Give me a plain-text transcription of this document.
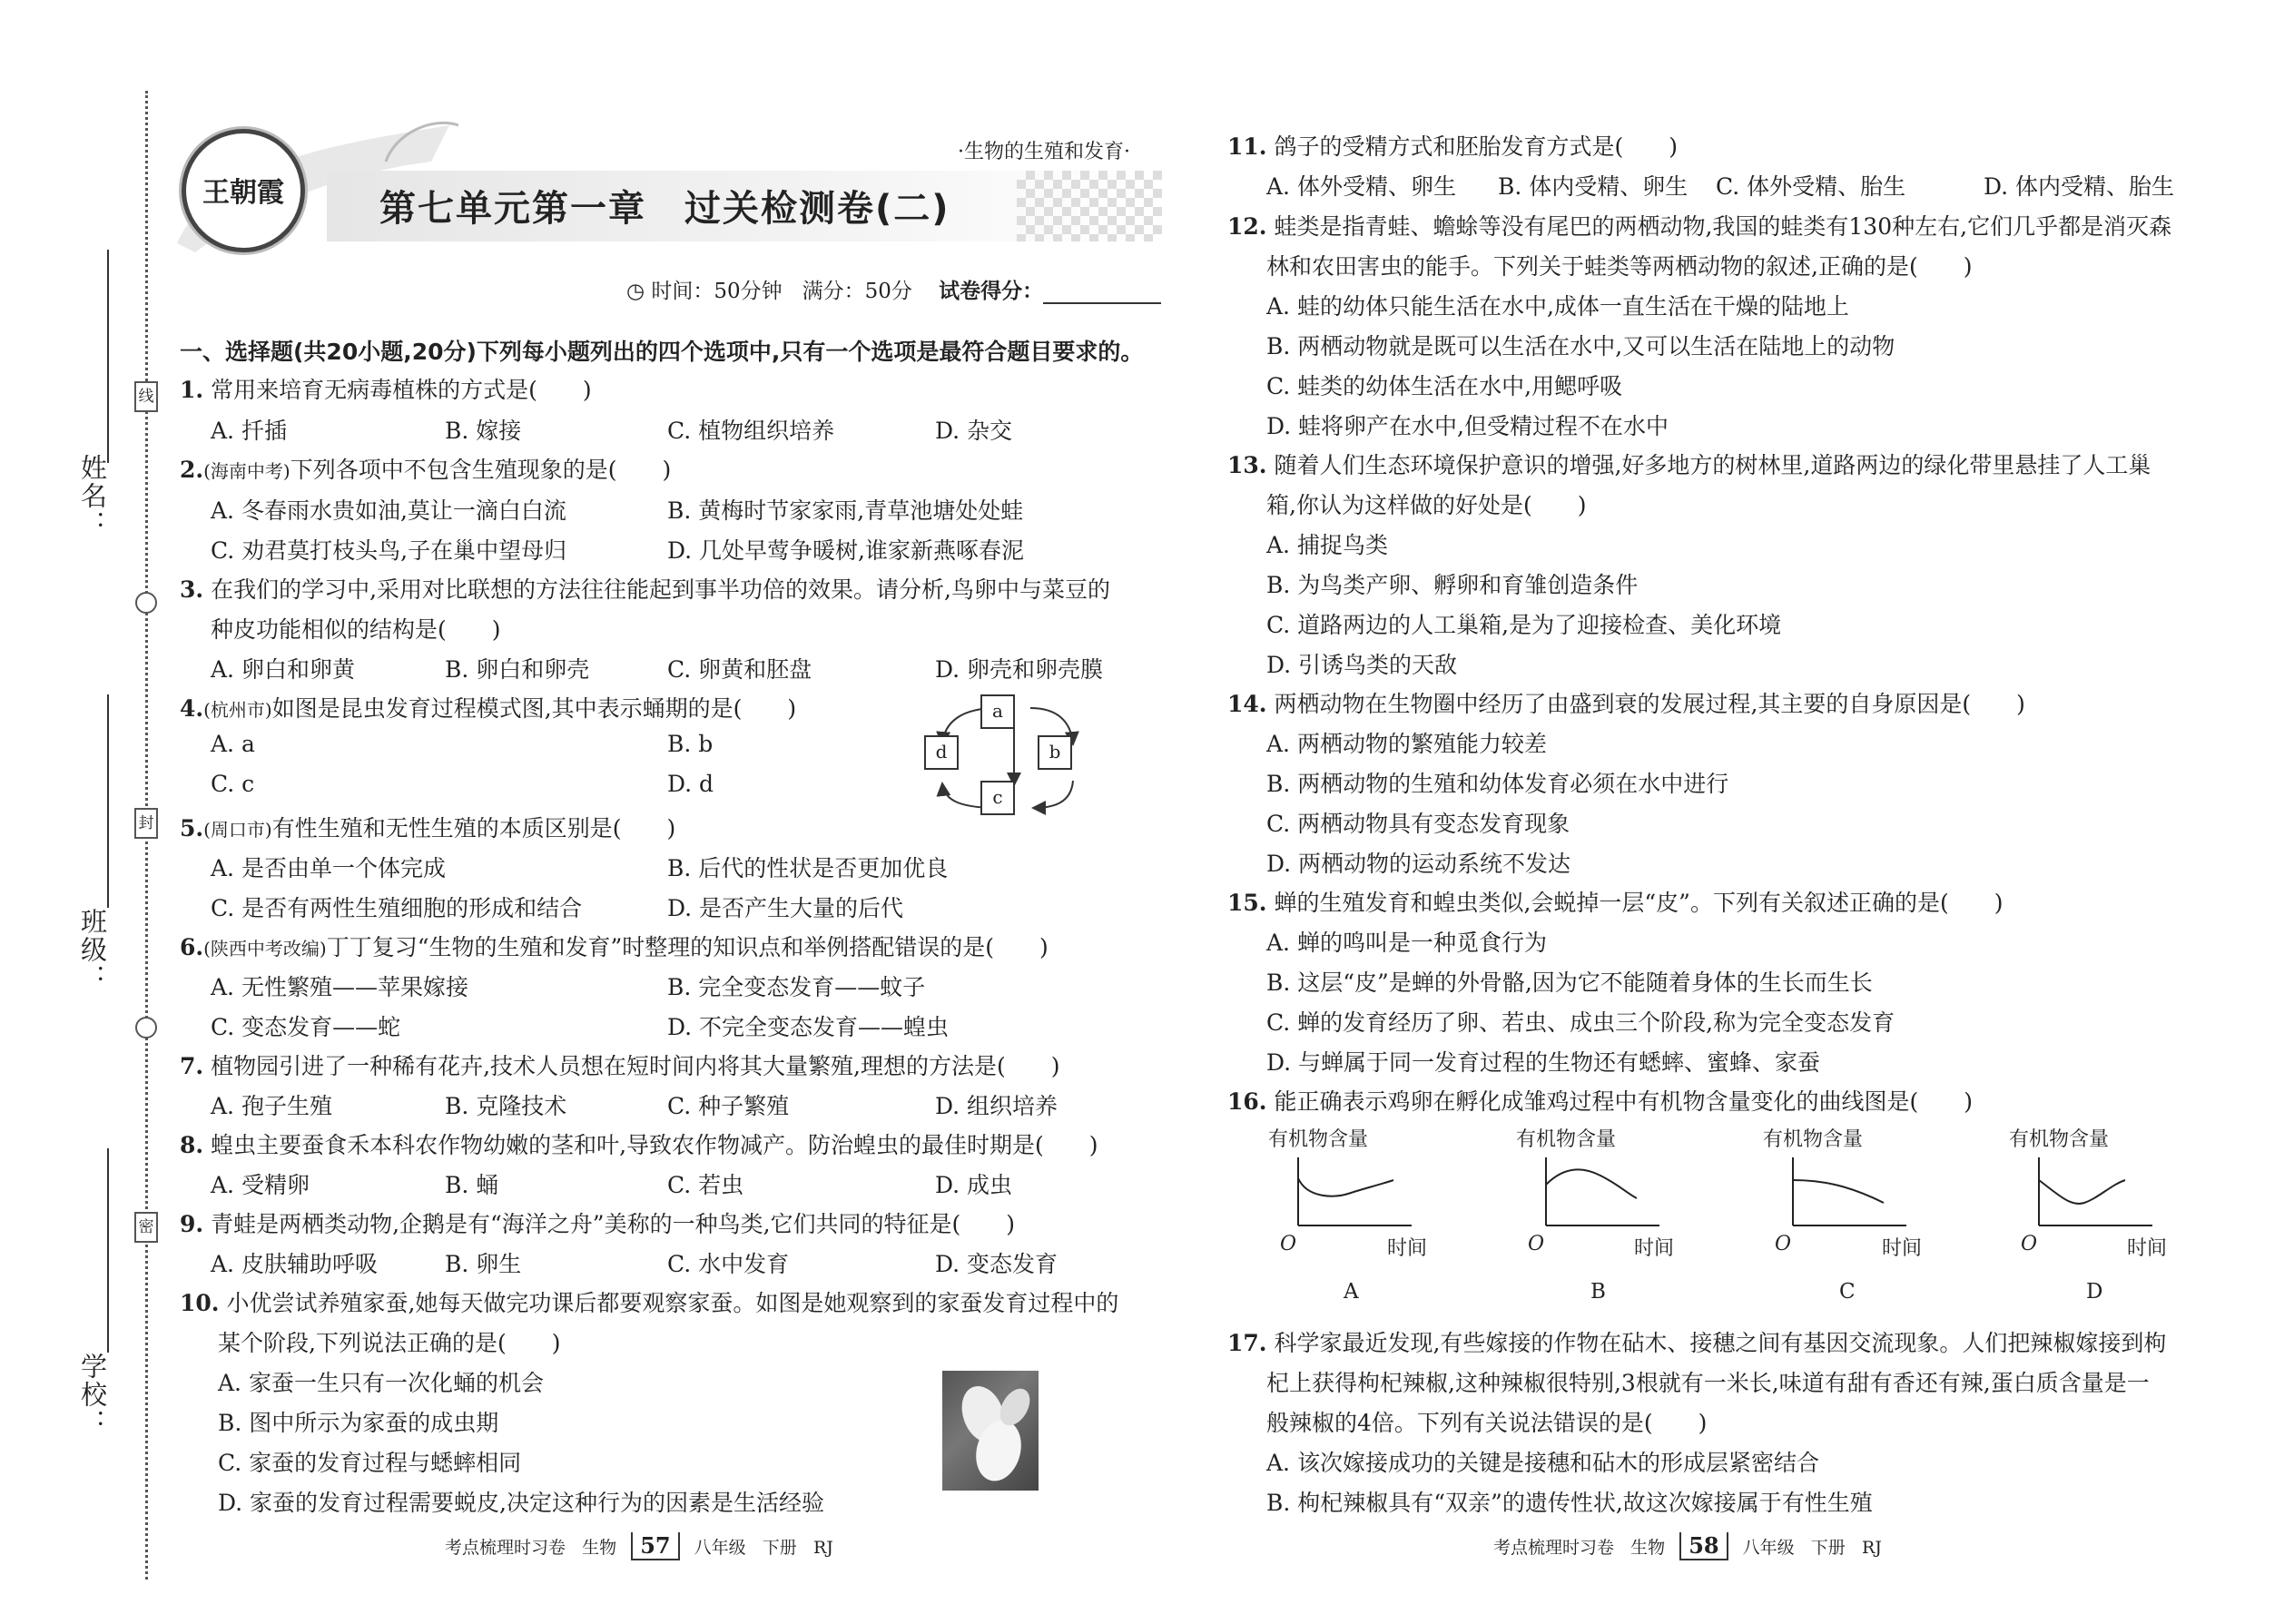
姓名：
班级：
学校：
线
封
密
王朝霞	第七单元第一章　过关检测卷(二)
·生物的生殖和发育·
◷ 时间：50分钟 满分：50分 试卷得分：
一、选择题(共20小题,20分)下列每小题列出的四个选项中,只有一个选项是最符合题目要求的。
1. 常用来培育无病毒植株的方式是(　　)
A. 扦插	B. 嫁接	C. 植物组织培养	D. 杂交
2.(海南中考)下列各项中不包含生殖现象的是(　　)
A. 冬春雨水贵如油,莫让一滴白白流	B. 黄梅时节家家雨,青草池塘处处蛙
C. 劝君莫打枝头鸟,子在巢中望母归	D. 几处早莺争暖树,谁家新燕啄春泥
3. 在我们的学习中,采用对比联想的方法往往能起到事半功倍的效果。请分析,鸟卵中与菜豆的
种皮功能相似的结构是(　　)
A. 卵白和卵黄	B. 卵白和卵壳	C. 卵黄和胚盘	D. 卵壳和卵壳膜
4.(杭州市)如图是昆虫发育过程模式图,其中表示蛹期的是(　　)
A. a	B. b
C. c	D. d
a
b
c
d
5.(周口市)有性生殖和无性生殖的本质区别是(　　)
A. 是否由单一个体完成	B. 后代的性状是否更加优良
C. 是否有两性生殖细胞的形成和结合	D. 是否产生大量的后代
6.(陕西中考改编)丁丁复习“生物的生殖和发育”时整理的知识点和举例搭配错误的是(　　)
A. 无性繁殖——苹果嫁接	B. 完全变态发育——蚊子
C. 变态发育——蛇	D. 不完全变态发育——蝗虫
7. 植物园引进了一种稀有花卉,技术人员想在短时间内将其大量繁殖,理想的方法是(　　)
A. 孢子生殖	B. 克隆技术	C. 种子繁殖	D. 组织培养
8. 蝗虫主要蚕食禾本科农作物幼嫩的茎和叶,导致农作物减产。防治蝗虫的最佳时期是(　　)
A. 受精卵	B. 蛹	C. 若虫	D. 成虫
9. 青蛙是两栖类动物,企鹅是有“海洋之舟”美称的一种鸟类,它们共同的特征是(　　)
A. 皮肤辅助呼吸	B. 卵生	C. 水中发育	D. 变态发育
10. 小优尝试养殖家蚕,她每天做完功课后都要观察家蚕。如图是她观察到的家蚕发育过程中的
某个阶段,下列说法正确的是(　　)
A. 家蚕一生只有一次化蛹的机会
B. 图中所示为家蚕的成虫期
C. 家蚕的发育过程与蟋蟀相同
D. 家蚕的发育过程需要蜕皮,决定这种行为的因素是生活经验
考点梳理时习卷 生物 57 八年级 下册 RJ
11. 鸽子的受精方式和胚胎发育方式是(　　)
A. 体外受精、卵生 B. 体内受精、卵生 C. 体外受精、胎生	D. 体内受精、胎生
12. 蛙类是指青蛙、蟾蜍等没有尾巴的两栖动物,我国的蛙类有130种左右,它们几乎都是消灭森
林和农田害虫的能手。下列关于蛙类等两栖动物的叙述,正确的是(　　)
A. 蛙的幼体只能生活在水中,成体一直生活在干燥的陆地上
B. 两栖动物就是既可以生活在水中,又可以生活在陆地上的动物
C. 蛙类的幼体生活在水中,用鳃呼吸
D. 蛙将卵产在水中,但受精过程不在水中
13. 随着人们生态环境保护意识的增强,好多地方的树林里,道路两边的绿化带里悬挂了人工巢
箱,你认为这样做的好处是(　　)
A. 捕捉鸟类
B. 为鸟类产卵、孵卵和育雏创造条件
C. 道路两边的人工巢箱,是为了迎接检查、美化环境
D. 引诱鸟类的天敌
14. 两栖动物在生物圈中经历了由盛到衰的发展过程,其主要的自身原因是(　　)
A. 两栖动物的繁殖能力较差
B. 两栖动物的生殖和幼体发育必须在水中进行
C. 两栖动物具有变态发育现象
D. 两栖动物的运动系统不发达
15. 蝉的生殖发育和蝗虫类似,会蜕掉一层“皮”。下列有关叙述正确的是(　　)
A. 蝉的鸣叫是一种觅食行为
B. 这层“皮”是蝉的外骨骼,因为它不能随着身体的生长而生长
C. 蝉的发育经历了卵、若虫、成虫三个阶段,称为完全变态发育
D. 与蝉属于同一发育过程的生物还有蟋蟀、蜜蜂、家蚕
16. 能正确表示鸡卵在孵化成雏鸡过程中有机物含量变化的曲线图是(　　)
有机物含量
O	时间
A
有机物含量
O	时间
B
有机物含量
O	时间
C
有机物含量
O	时间
D
17. 科学家最近发现,有些嫁接的作物在砧木、接穗之间有基因交流现象。人们把辣椒嫁接到枸
杞上获得枸杞辣椒,这种辣椒很特别,3根就有一米长,味道有甜有香还有辣,蛋白质含量是一
般辣椒的4倍。下列有关说法错误的是(　　)
A. 该次嫁接成功的关键是接穗和砧木的形成层紧密结合
B. 枸杞辣椒具有“双亲”的遗传性状,故这次嫁接属于有性生殖
考点梳理时习卷 生物 58 八年级 下册 RJ
